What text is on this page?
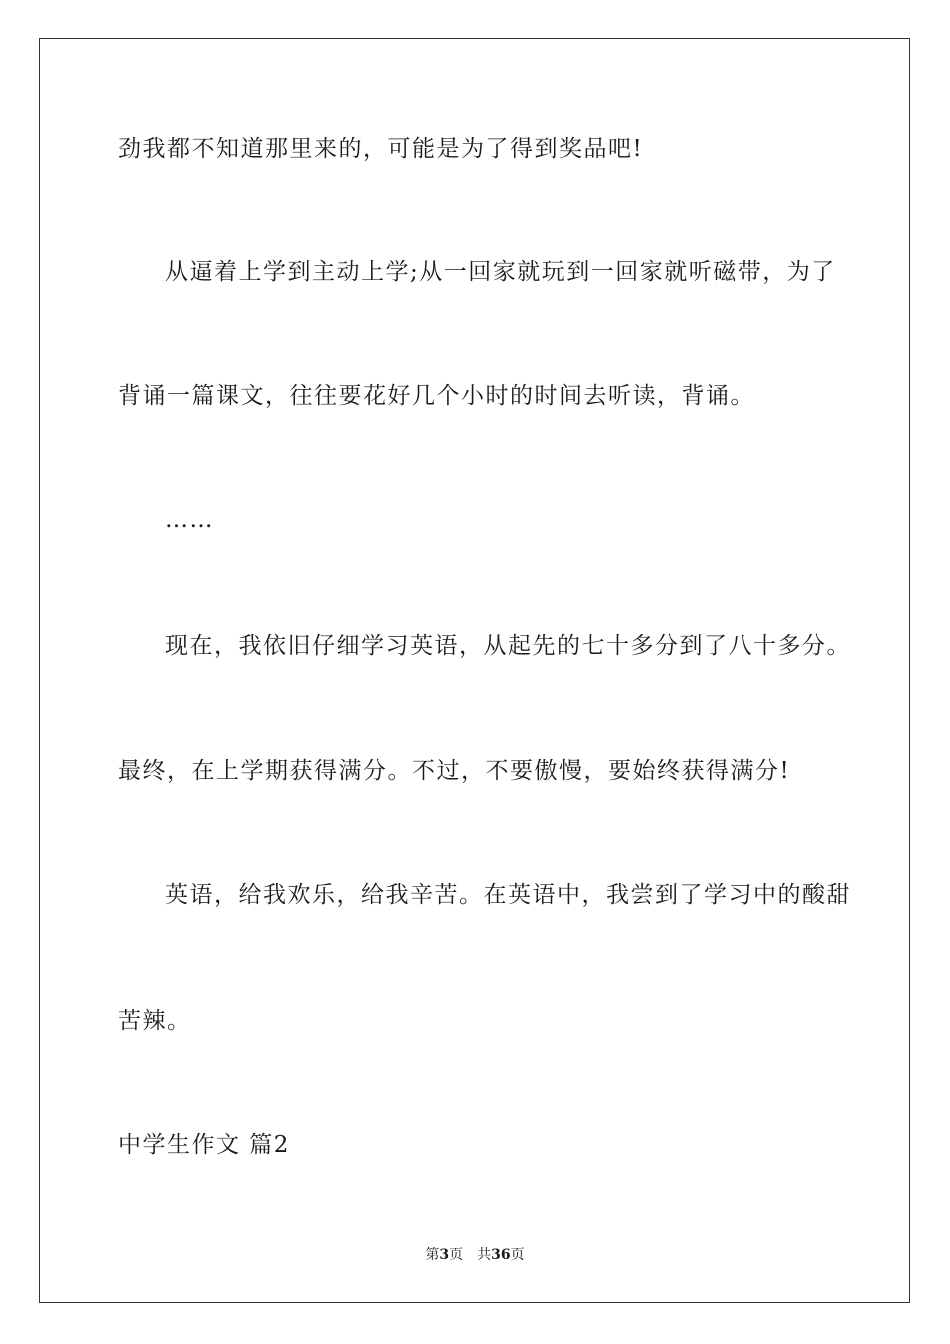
劲我都不知道那里来的，可能是为了得到奖品吧!
从逼着上学到主动上学;从一回家就玩到一回家就听磁带，为了
背诵一篇课文，往往要花好几个小时的时间去听读，背诵。
……
现在，我依旧仔细学习英语，从起先的七十多分到了八十多分。
最终，在上学期获得满分。不过，不要傲慢，要始终获得满分!
英语，给我欢乐，给我辛苦。在英语中，我尝到了学习中的酸甜
苦辣。
中学生作文 篇2
第3页 共36页
